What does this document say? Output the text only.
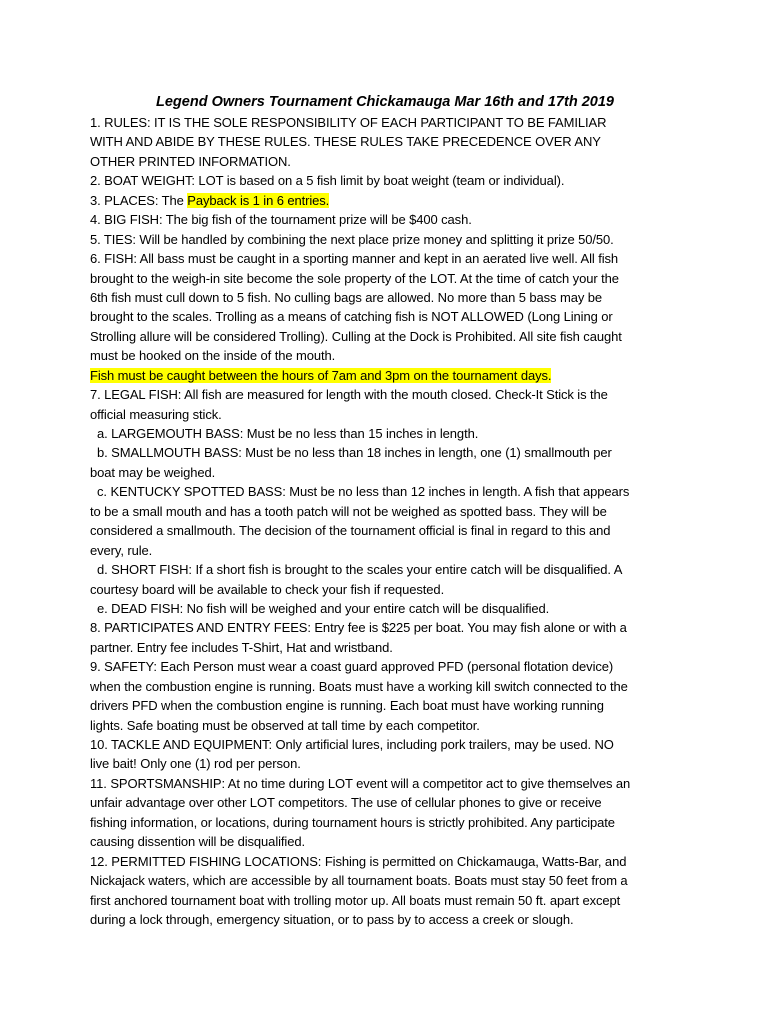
Legend Owners Tournament Chickamauga Mar 16th and 17th 2019
1. RULES: IT IS THE SOLE RESPONSIBILITY OF EACH PARTICIPANT TO BE FAMILIAR
WITH AND ABIDE BY THESE RULES. THESE RULES TAKE PRECEDENCE OVER ANY
OTHER PRINTED INFORMATION.
2. BOAT WEIGHT: LOT is based on a 5 fish limit by boat weight (team or individual).
3. PLACES: The Payback is 1 in 6 entries.
4. BIG FISH: The big fish of the tournament prize will be $400 cash.
5. TIES: Will be handled by combining the next place prize money and splitting it prize 50/50.
6. FISH: All bass must be caught in a sporting manner and kept in an aerated live well. All fish
brought to the weigh-in site become the sole property of the LOT. At the time of catch your the
6th fish must cull down to 5 fish. No culling bags are allowed. No more than 5 bass may be
brought to the scales. Trolling as a means of catching fish is NOT ALLOWED (Long Lining or
Strolling allure will be considered Trolling). Culling at the Dock is Prohibited. All site fish caught
must be hooked on the inside of the mouth.
Fish must be caught between the hours of 7am and 3pm on the tournament days.
7. LEGAL FISH: All fish are measured for length with the mouth closed. Check-It Stick is the
official measuring stick.
a. LARGEMOUTH BASS: Must be no less than 15 inches in length.
b. SMALLMOUTH BASS: Must be no less than 18 inches in length, one (1) smallmouth per
boat may be weighed.
c. KENTUCKY SPOTTED BASS: Must be no less than 12 inches in length. A fish that appears
to be a small mouth and has a tooth patch will not be weighed as spotted bass. They will be
considered a smallmouth. The decision of the tournament official is final in regard to this and
every, rule.
d. SHORT FISH: If a short fish is brought to the scales your entire catch will be disqualified. A
courtesy board will be available to check your fish if requested.
e. DEAD FISH: No fish will be weighed and your entire catch will be disqualified.
8. PARTICIPATES AND ENTRY FEES: Entry fee is $225 per boat. You may fish alone or with a
partner. Entry fee includes T-Shirt, Hat and wristband.
9. SAFETY: Each Person must wear a coast guard approved PFD (personal flotation device)
when the combustion engine is running. Boats must have a working kill switch connected to the
drivers PFD when the combustion engine is running. Each boat must have working running
lights. Safe boating must be observed at tall time by each competitor.
10. TACKLE AND EQUIPMENT: Only artificial lures, including pork trailers, may be used. NO
live bait! Only one (1) rod per person.
11. SPORTSMANSHIP: At no time during LOT event will a competitor act to give themselves an
unfair advantage over other LOT competitors. The use of cellular phones to give or receive
fishing information, or locations, during tournament hours is strictly prohibited. Any participate
causing dissention will be disqualified.
12. PERMITTED FISHING LOCATIONS: Fishing is permitted on Chickamauga, Watts-Bar, and
Nickajack waters, which are accessible by all tournament boats. Boats must stay 50 feet from a
first anchored tournament boat with trolling motor up. All boats must remain 50 ft. apart except
during a lock through, emergency situation, or to pass by to access a creek or slough.
